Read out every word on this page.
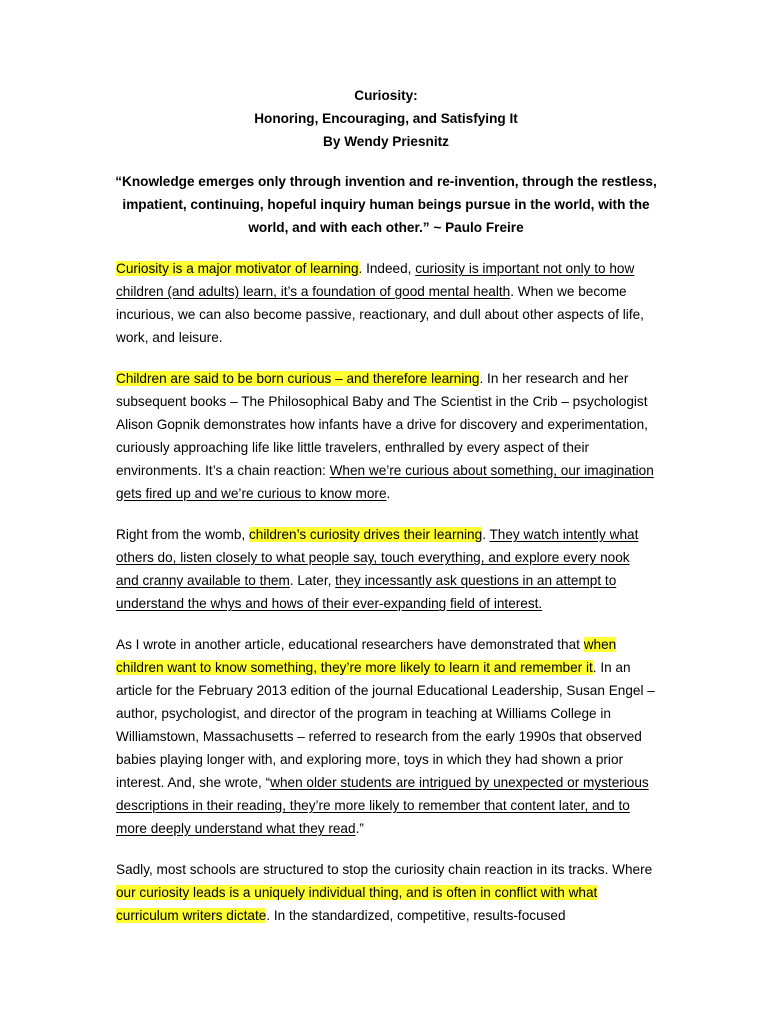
Curiosity:
Honoring, Encouraging, and Satisfying It
By Wendy Priesnitz
“Knowledge emerges only through invention and re-invention, through the restless, impatient, continuing, hopeful inquiry human beings pursue in the world, with the world, and with each other.” ~ Paulo Freire

Curiosity is a major motivator of learning. Indeed, curiosity is important not only to how children (and adults) learn, it’s a foundation of good mental health. When we become incurious, we can also become passive, reactionary, and dull about other aspects of life, work, and leisure.

Children are said to be born curious – and therefore learning. In her research and her subsequent books – The Philosophical Baby and The Scientist in the Crib – psychologist Alison Gopnik demonstrates how infants have a drive for discovery and experimentation, curiously approaching life like little travelers, enthralled by every aspect of their environments. It’s a chain reaction: When we’re curious about something, our imagination gets fired up and we’re curious to know more.

Right from the womb, children’s curiosity drives their learning. They watch intently what others do, listen closely to what people say, touch everything, and explore every nook and cranny available to them. Later, they incessantly ask questions in an attempt to understand the whys and hows of their ever-expanding field of interest.

As I wrote in another article, educational researchers have demonstrated that when children want to know something, they’re more likely to learn it and remember it. In an article for the February 2013 edition of the journal Educational Leadership, Susan Engel – author, psychologist, and director of the program in teaching at Williams College in Williamstown, Massachusetts – referred to research from the early 1990s that observed babies playing longer with, and exploring more, toys in which they had shown a prior interest. And, she wrote, “when older students are intrigued by unexpected or mysterious descriptions in their reading, they’re more likely to remember that content later, and to more deeply understand what they read.”

Sadly, most schools are structured to stop the curiosity chain reaction in its tracks. Where our curiosity leads is a uniquely individual thing, and is often in conflict with what curriculum writers dictate. In the standardized, competitive, results-focused
